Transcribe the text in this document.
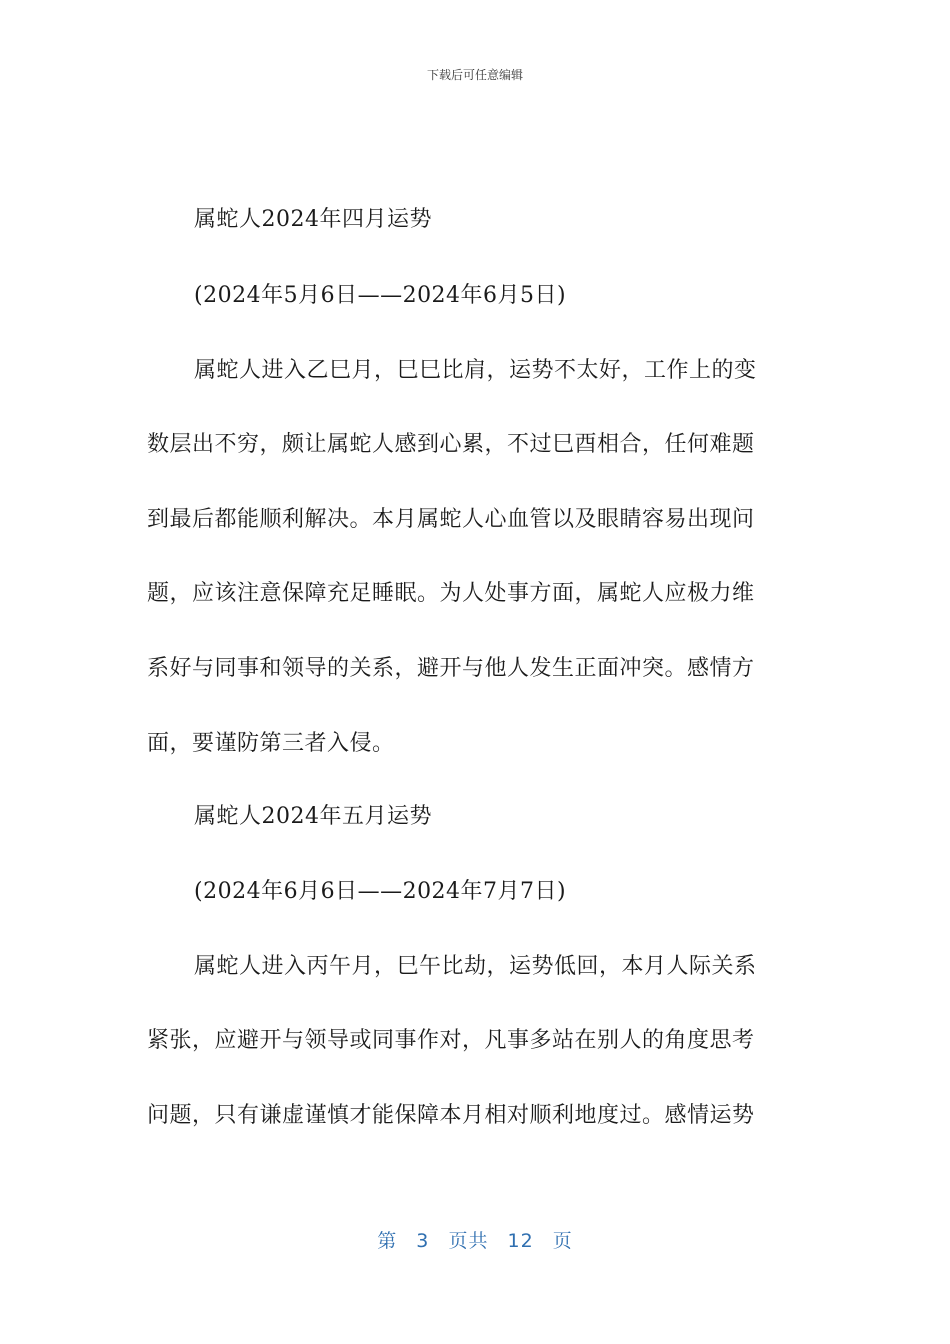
下载后可任意编辑
属蛇人2024年四月运势
(2024年5月6日——2024年6月5日)
属蛇人进入乙巳月，巳巳比肩，运势不太好，工作上的变
数层出不穷，颇让属蛇人感到心累，不过巳酉相合，任何难题
到最后都能顺利解决。本月属蛇人心血管以及眼睛容易出现问
题，应该注意保障充足睡眠。为人处事方面，属蛇人应极力维
系好与同事和领导的关系，避开与他人发生正面冲突。感情方
面，要谨防第三者入侵。
属蛇人2024年五月运势
(2024年6月6日——2024年7月7日)
属蛇人进入丙午月，巳午比劫，运势低回，本月人际关系
紧张，应避开与领导或同事作对，凡事多站在别人的角度思考
问题，只有谦虚谨慎才能保障本月相对顺利地度过。感情运势
第 3 页共 12 页
